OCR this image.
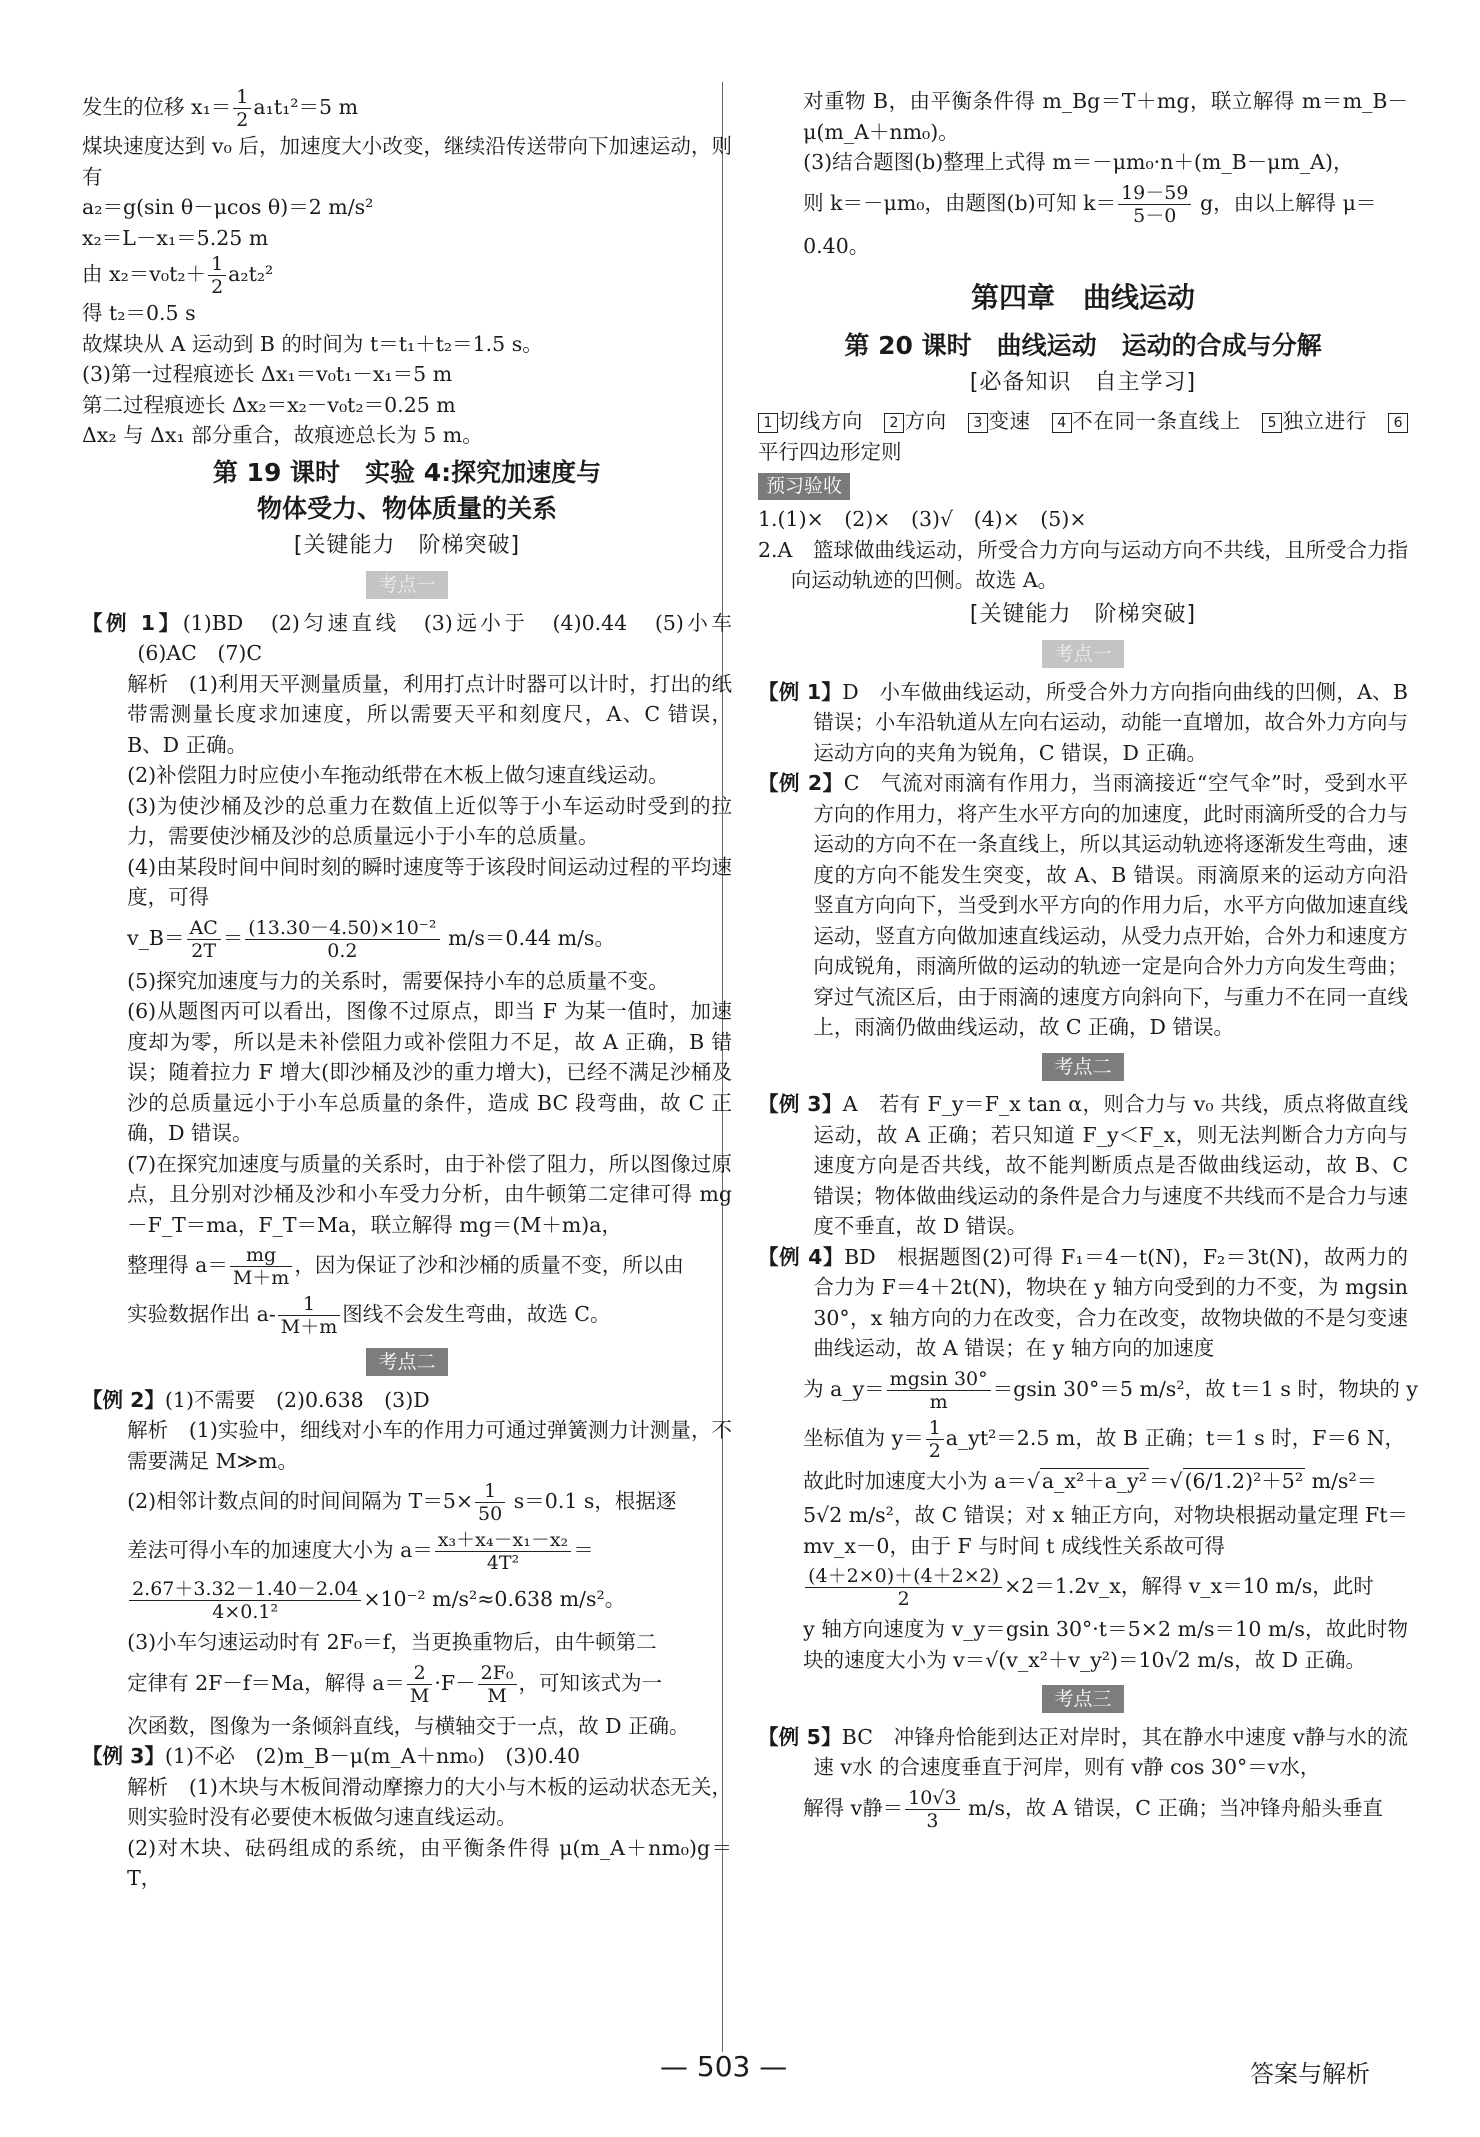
发生的位移 $x_1= \frac{1}{2} a_1t_1^2=5$ m

煤块速度达到 v₀ 后，加速度大小改变，继续沿传送带向下加速运动，则有

a₂＝g(sin θ－μcos θ)＝2 m/s²

x₂＝L－x₁＝5.25 m

由 $x_2=v_0t_2+ \frac{1}{2} a_2t_2^2$

得 t₂＝0.5 s

故煤块从 A 运动到 B 的时间为 t＝t₁＋t₂＝1.5 s。

(3)第一过程痕迹长 Δx₁＝v₀t₁－x₁＝5 m

第二过程痕迹长 Δx₂＝x₂－v₀t₂＝0.25 m

Δx₂ 与 Δx₁ 部分重合，故痕迹总长为 5 m。

第 19 课时　实验 4:探究加速度与
物体受力、物体质量的关系
[关键能力　阶梯突破]
考点一

【例 1】(1)BD　(2)匀速直线　(3)远小于　(4)0.44　(5)小车　(6)AC　(7)C

解析　 (1)利用天平测量质量，利用打点计时器可以计时，打出的纸带需测量长度求加速度，所以需要天平和刻度尺，A、C 错误，B、D 正确。

(2)补偿阻力时应使小车拖动纸带在木板上做匀速直线运动。

(3)为使沙桶及沙的总重力在数值上近似等于小车运动时受到的拉力，需要使沙桶及沙的总质量远小于小车的总质量。

(4)由某段时间中间时刻的瞬时速度等于该段时间运动过程的平均速度，可得

v_B＝ $\frac{AC}{2T} = \frac{\text{(13.30－4.50)×10⁻²}}{0.2} m/s=0.44$ m/s。

(5)探究加速度与力的关系时，需要保持小车的总质量不变。

(6)从题图丙可以看出，图像不过原点，即当 F 为某一值时，加速度却为零，所以是未补偿阻力或补偿阻力不足，故 A 正确，B 错误；随着拉力 F 增大(即沙桶及沙的重力增大)，已经不满足沙桶及沙的总质量远小于小车总质量的条件，造成 BC 段弯曲，故 C 正确，D 错误。

(7)在探究加速度与质量的关系时，由于补偿了阻力，所以图像过原点，且分别对沙桶及沙和小车受力分析，由牛顿第二定律可得 mg－F_T＝ma，F_T＝Ma，联立解得 mg＝(M＋m)a，

整理得 $a= \frac{mg}{M+m}$ ，因为保证了沙和沙桶的质量不变，所以由

实验数据作出 $a- \frac{1}{M+m}$ 图线不会发生弯曲，故选 C。

考点二

【例 2】(1)不需要　(2)0.638　(3)D

解析　 (1)实验中，细线对小车的作用力可通过弹簧测力计测量，不需要满足 M≫m。

(2)相邻计数点间的时间间隔为 $T=5\times \frac{1}{50} s=0.1$ s，根据逐

差法可得小车的加速度大小为 $a= \frac{\text{x₃＋x₄－x₁－x₂}}{\text{4T²}}$ ＝

$\frac{2.67+3.32-1.40-2.04}{\text{4×0.1²}} \times 10^{-2}$ m/s²≈0.638 m/s²。

(3)小车匀速运动时有 2F₀＝f，当更换重物后，由牛顿第二

定律有 2F－f＝Ma，解得 $a= \frac{2}{M} \cdot F- \frac{\text{2F₀}}{M}$ ，可知该式为一

次函数，图像为一条倾斜直线，与横轴交于一点，故 D 正确。

【例 3】(1)不必　(2)m_B－μ(m_A＋nm₀)　(3)0.40

解析　 (1)木块与木板间滑动摩擦力的大小与木板的运动状态无关，则实验时没有必要使木板做匀速直线运动。

(2)对木块、砝码组成的系统，由平衡条件得 μ(m_A＋nm₀)g＝T，

对重物 B，由平衡条件得 m_Bg＝T＋mg，联立解得 m＝m_B－μ(m_A＋nm₀)。

(3)结合题图(b)整理上式得 m＝－μm₀·n＋(m_B－μm_A)，

则 k＝－μm₀，由题图(b)可知 $k= \frac{19-59}{5-0}$ g，由以上解得 μ＝

0.40。

第四章　曲线运动
第 20 课时　曲线运动　运动的合成与分解
[必备知识　自主学习]

1 切线方向　 2 方向　 3 变速　 4 不在同一条直线上　 5 独立进行　 6平行四边形定则

预习验收

1.(1)×　(2)×　(3)√　(4)×　(5)×

2.A　篮球做曲线运动，所受合力方向与运动方向不共线，且所受合力指向运动轨迹的凹侧。故选 A。

[关键能力　阶梯突破]
考点一

【例 1】D　小车做曲线运动，所受合外力方向指向曲线的凹侧，A、B 错误；小车沿轨道从左向右运动，动能一直增加，故合外力方向与运动方向的夹角为锐角，C 错误，D 正确。

【例 2】C　气流对雨滴有作用力，当雨滴接近“空气伞”时，受到水平方向的作用力，将产生水平方向的加速度，此时雨滴所受的合力与运动的方向不在一条直线上，所以其运动轨迹将逐渐发生弯曲，速度的方向不能发生突变，故 A、B 错误。雨滴原来的运动方向沿竖直方向向下，当受到水平方向的作用力后，水平方向做加速直线运动，竖直方向做加速直线运动，从受力点开始，合外力和速度方向成锐角，雨滴所做的运动的轨迹一定是向合外力方向发生弯曲；穿过气流区后，由于雨滴的速度方向斜向下，与重力不在同一直线上，雨滴仍做曲线运动，故 C 正确，D 错误。

考点二

【例 3】A　若有 F_y＝F_x tan α，则合力与 v₀ 共线，质点将做直线运动，故 A 正确；若只知道 F_y＜F_x，则无法判断合力方向与速度方向是否共线，故不能判断质点是否做曲线运动，故 B、C 错误；物体做曲线运动的条件是合力与速度不共线而不是合力与速度不垂直，故 D 错误。

【例 4】BD　根据题图(2)可得 F₁＝4－t(N)，F₂＝3t(N)，故两力的合力为 F＝4＋2t(N)，物块在 y 轴方向受到的力不变，为 mgsin 30°，x 轴方向的力在改变，合力在改变，故物块做的不是匀变速曲线运动，故 A 错误；在 y 轴方向的加速度

为 a_y＝ $\frac{mgsin 30^\circ}{m} =gsin$ 30°＝5 m/s²，故 t＝1 s 时，物块的 y

坐标值为 $y= \frac{1}{2}$ a_yt²＝2.5 m，故 B 正确；t＝1 s 时，F＝6 N，

故此时加速度大小为 a＝√a_x²＋a_y²＝√(6/1.2)²＋5² m/s²＝

5√2 m/s²，故 C 错误；对 x 轴正方向，对物块根据动量定理 Ft＝mv_x－0，由于 F 与时间 t 成线性关系故可得

$\frac{(4+2\times 0)+(4+2\times 2)}{2}$ ×2＝1.2v_x，解得 v_x＝10 m/s，此时

y 轴方向速度为 v_y＝gsin 30°·t＝5×2 m/s＝10 m/s，故此时物块的速度大小为 v＝√(v_x²＋v_y²)＝10√2 m/s，故 D 正确。

考点三

【例 5】BC　冲锋舟恰能到达正对岸时，其在静水中速度 v静与水的流速 v水 的合速度垂直于河岸，则有 v静 cos 30°＝v水，

解得 v静＝ $\frac{10√3}{3} m/s$，故 A 错误，C 正确；当冲锋舟船头垂直

— 503 —	答案与解析
